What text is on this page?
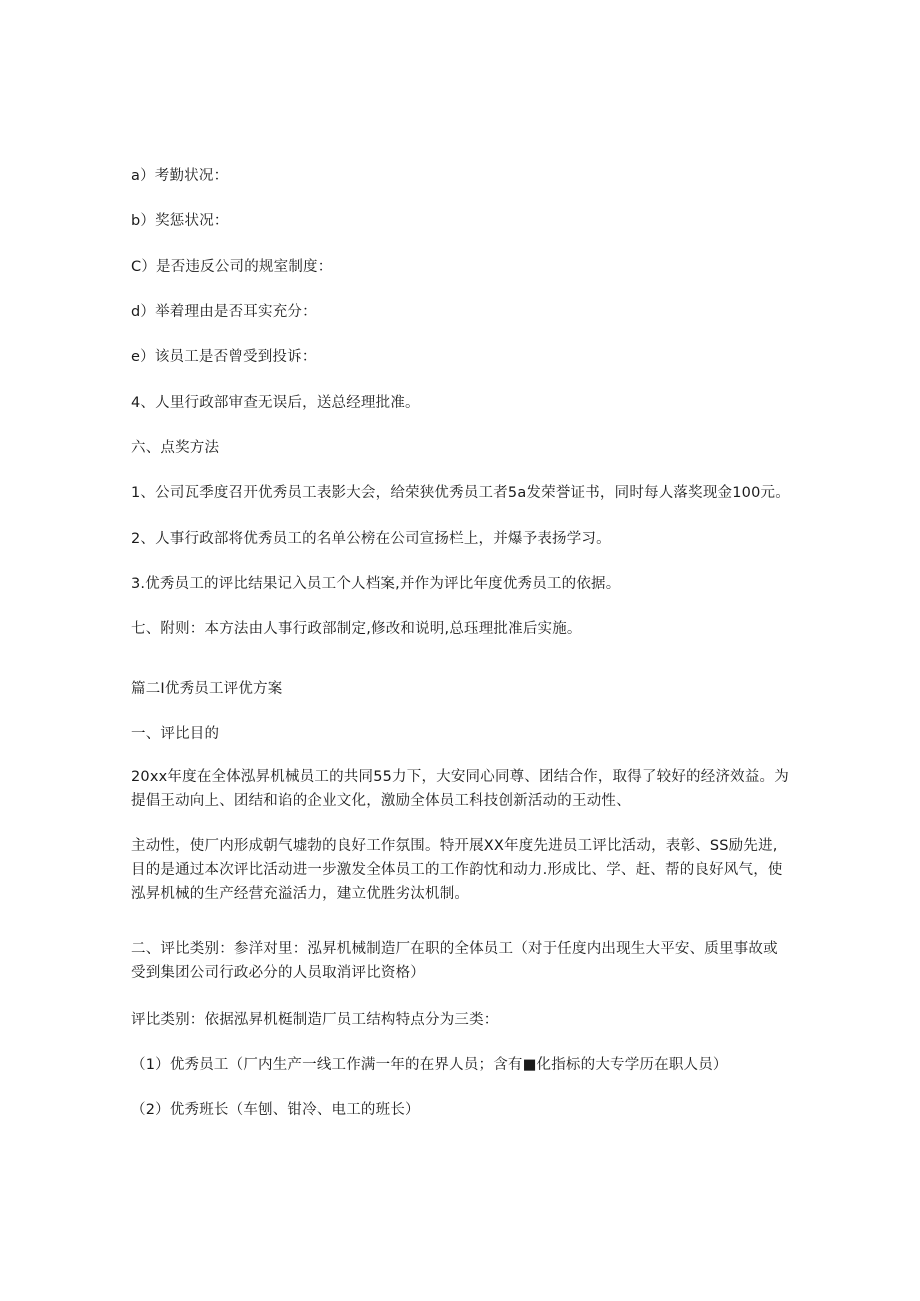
a）考勤状况：
b）奖惩状况：
C）是否违反公司的规室制度：
d）举着理由是否耳实充分：
e）该员工是否曾受到投诉：
4、人里行政部审查无误后，送总经理批准。
六、点奖方法
1、公司瓦季度召开优秀员工表影大会，给荣狭优秀员工者5a发荣誉证书，同时每人落奖现金100元。
2、人事行政部将优秀员工的名单公榜在公司宣扬栏上，并爆予表扬学习。
3.优秀员工的评比结果记入员工个人档案,并作为评比年度优秀员工的依据。
七、附则：本方法由人事行政部制定,修改和说明,总珏理批准后实施。
篇二I优秀员工评优方案
一、评比目的
20xx年度在全体泓昇机械员工的共同55力下，大安同心同尊、团结合作，取得了较好的经济效益。为提倡王动向上、团结和谄的企业文化，激励全体员工科技创新活动的王动性、
主动性，使厂内形成朝气墟勃的良好工作氛围。特开展XX年度先进员工评比活动，表彰、SS励先进,目的是通过本次评比活动进一步激发全体员工的工作韵忱和动力.形成比、学、赶、帮的良好风气，使泓昇机械的生产经营充溢活力，建立优胜劣汰机制。
二、评比类别：参洋对里：泓昇机械制造厂在职的全体员工（对于任度内出现生大平安、质里事故或受到集团公司行政必分的人员取消评比资格）
评比类别：依据泓昇机梃制造厂员工结构特点分为三类：
（1）优秀员工（厂内生产一线工作满一年的在界人员；含有■化指标的大专学历在职人员）
（2）优秀班长（车刨、钳冷、电工的班长）
